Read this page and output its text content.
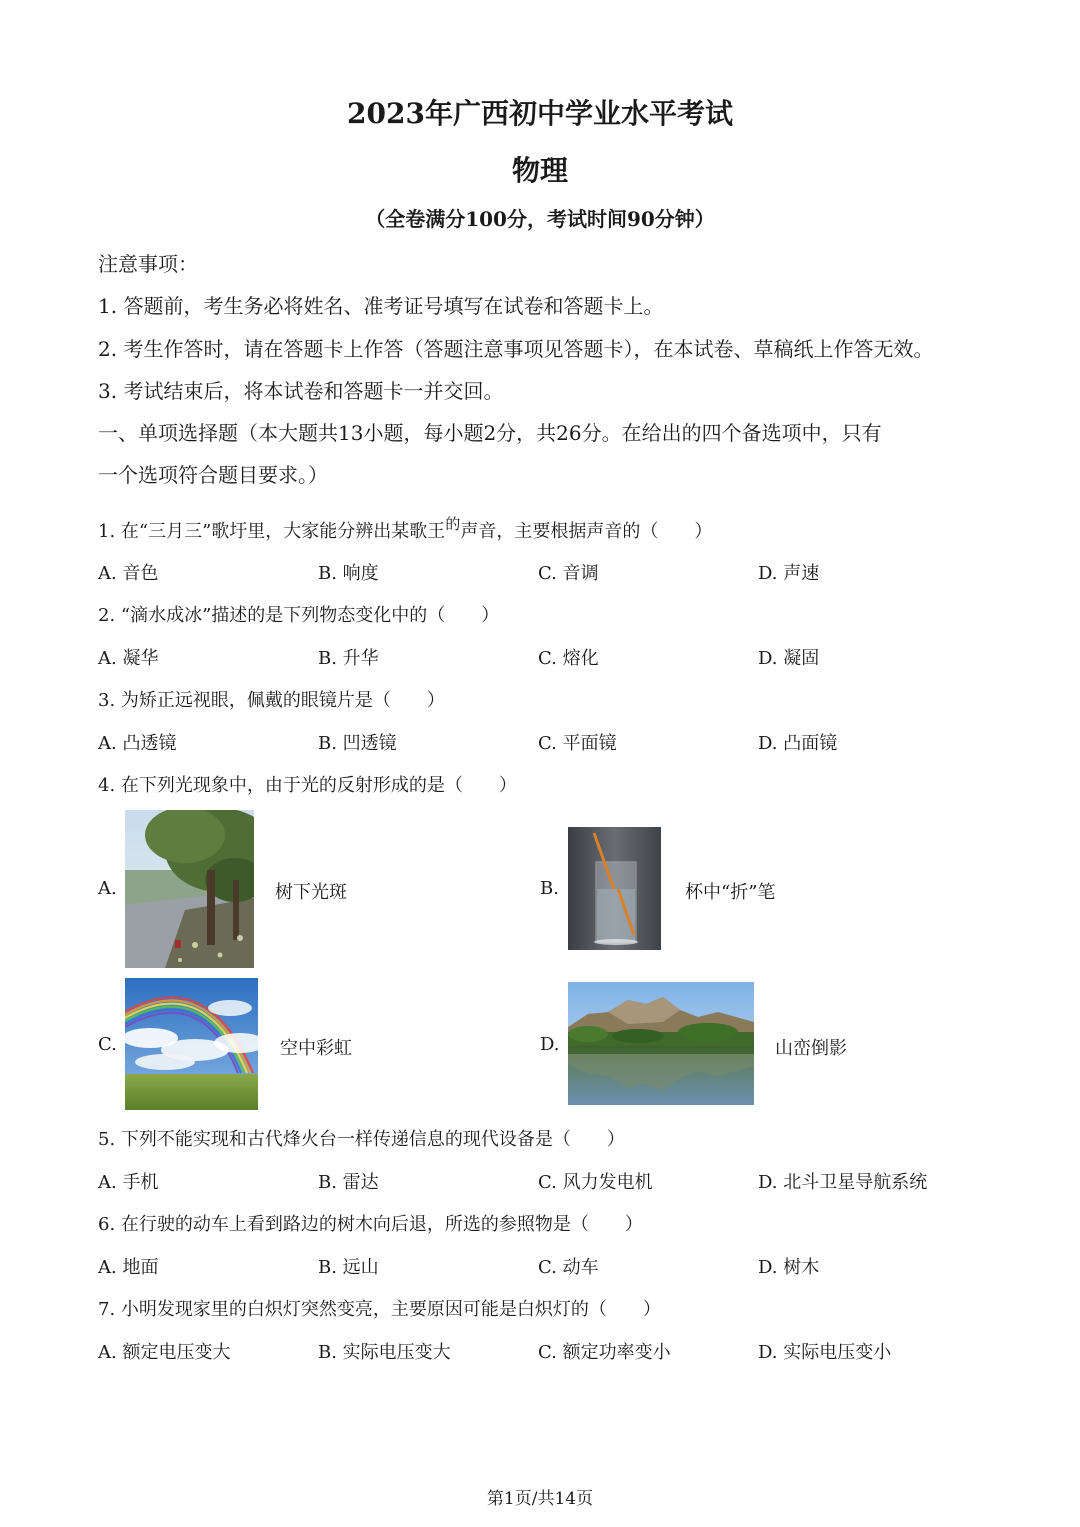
2023年广西初中学业水平考试
物理
（全卷满分100分，考试时间90分钟）
注意事项：
1. 答题前，考生务必将姓名、准考证号填写在试卷和答题卡上。
2. 考生作答时，请在答题卡上作答（答题注意事项见答题卡），在本试卷、草稿纸上作答无效。
3. 考试结束后，将本试卷和答题卡一并交回。
一、单项选择题（本大题共13小题，每小题2分，共26分。在给出的四个备选项中，只有
一个选项符合题目要求。）
1. 在“三月三”歌圩里，大家能分辨出某歌王$^的$声音，主要根据声音的（　　）
A. 音色	B. 响度	C. 音调	D. 声速
2. “滴水成冰”描述的是下列物态变化中的（　　）
A. 凝华	B. 升华	C. 熔化	D. 凝固
3. 为矫正远视眼，佩戴的眼镜片是（　　）
A. 凸透镜	B. 凹透镜	C. 平面镜	D. 凸面镜
4. 在下列光现象中，由于光的反射形成的是（　　）
A.	树下光斑	B.	杯中“折”笔
C.	空中彩虹	D.	山峦倒影
5. 下列不能实现和古代烽火台一样传递信息的现代设备是（　　）
A. 手机	B. 雷达	C. 风力发电机	D. 北斗卫星导航系统
6. 在行驶的动车上看到路边的树木向后退，所选的参照物是（　　）
A. 地面	B. 远山	C. 动车	D. 树木
7. 小明发现家里的白炽灯突然变亮，主要原因可能是白炽灯的（　　）
A. 额定电压变大	B. 实际电压变大	C. 额定功率变小	D. 实际电压变小
第1页/共14页
